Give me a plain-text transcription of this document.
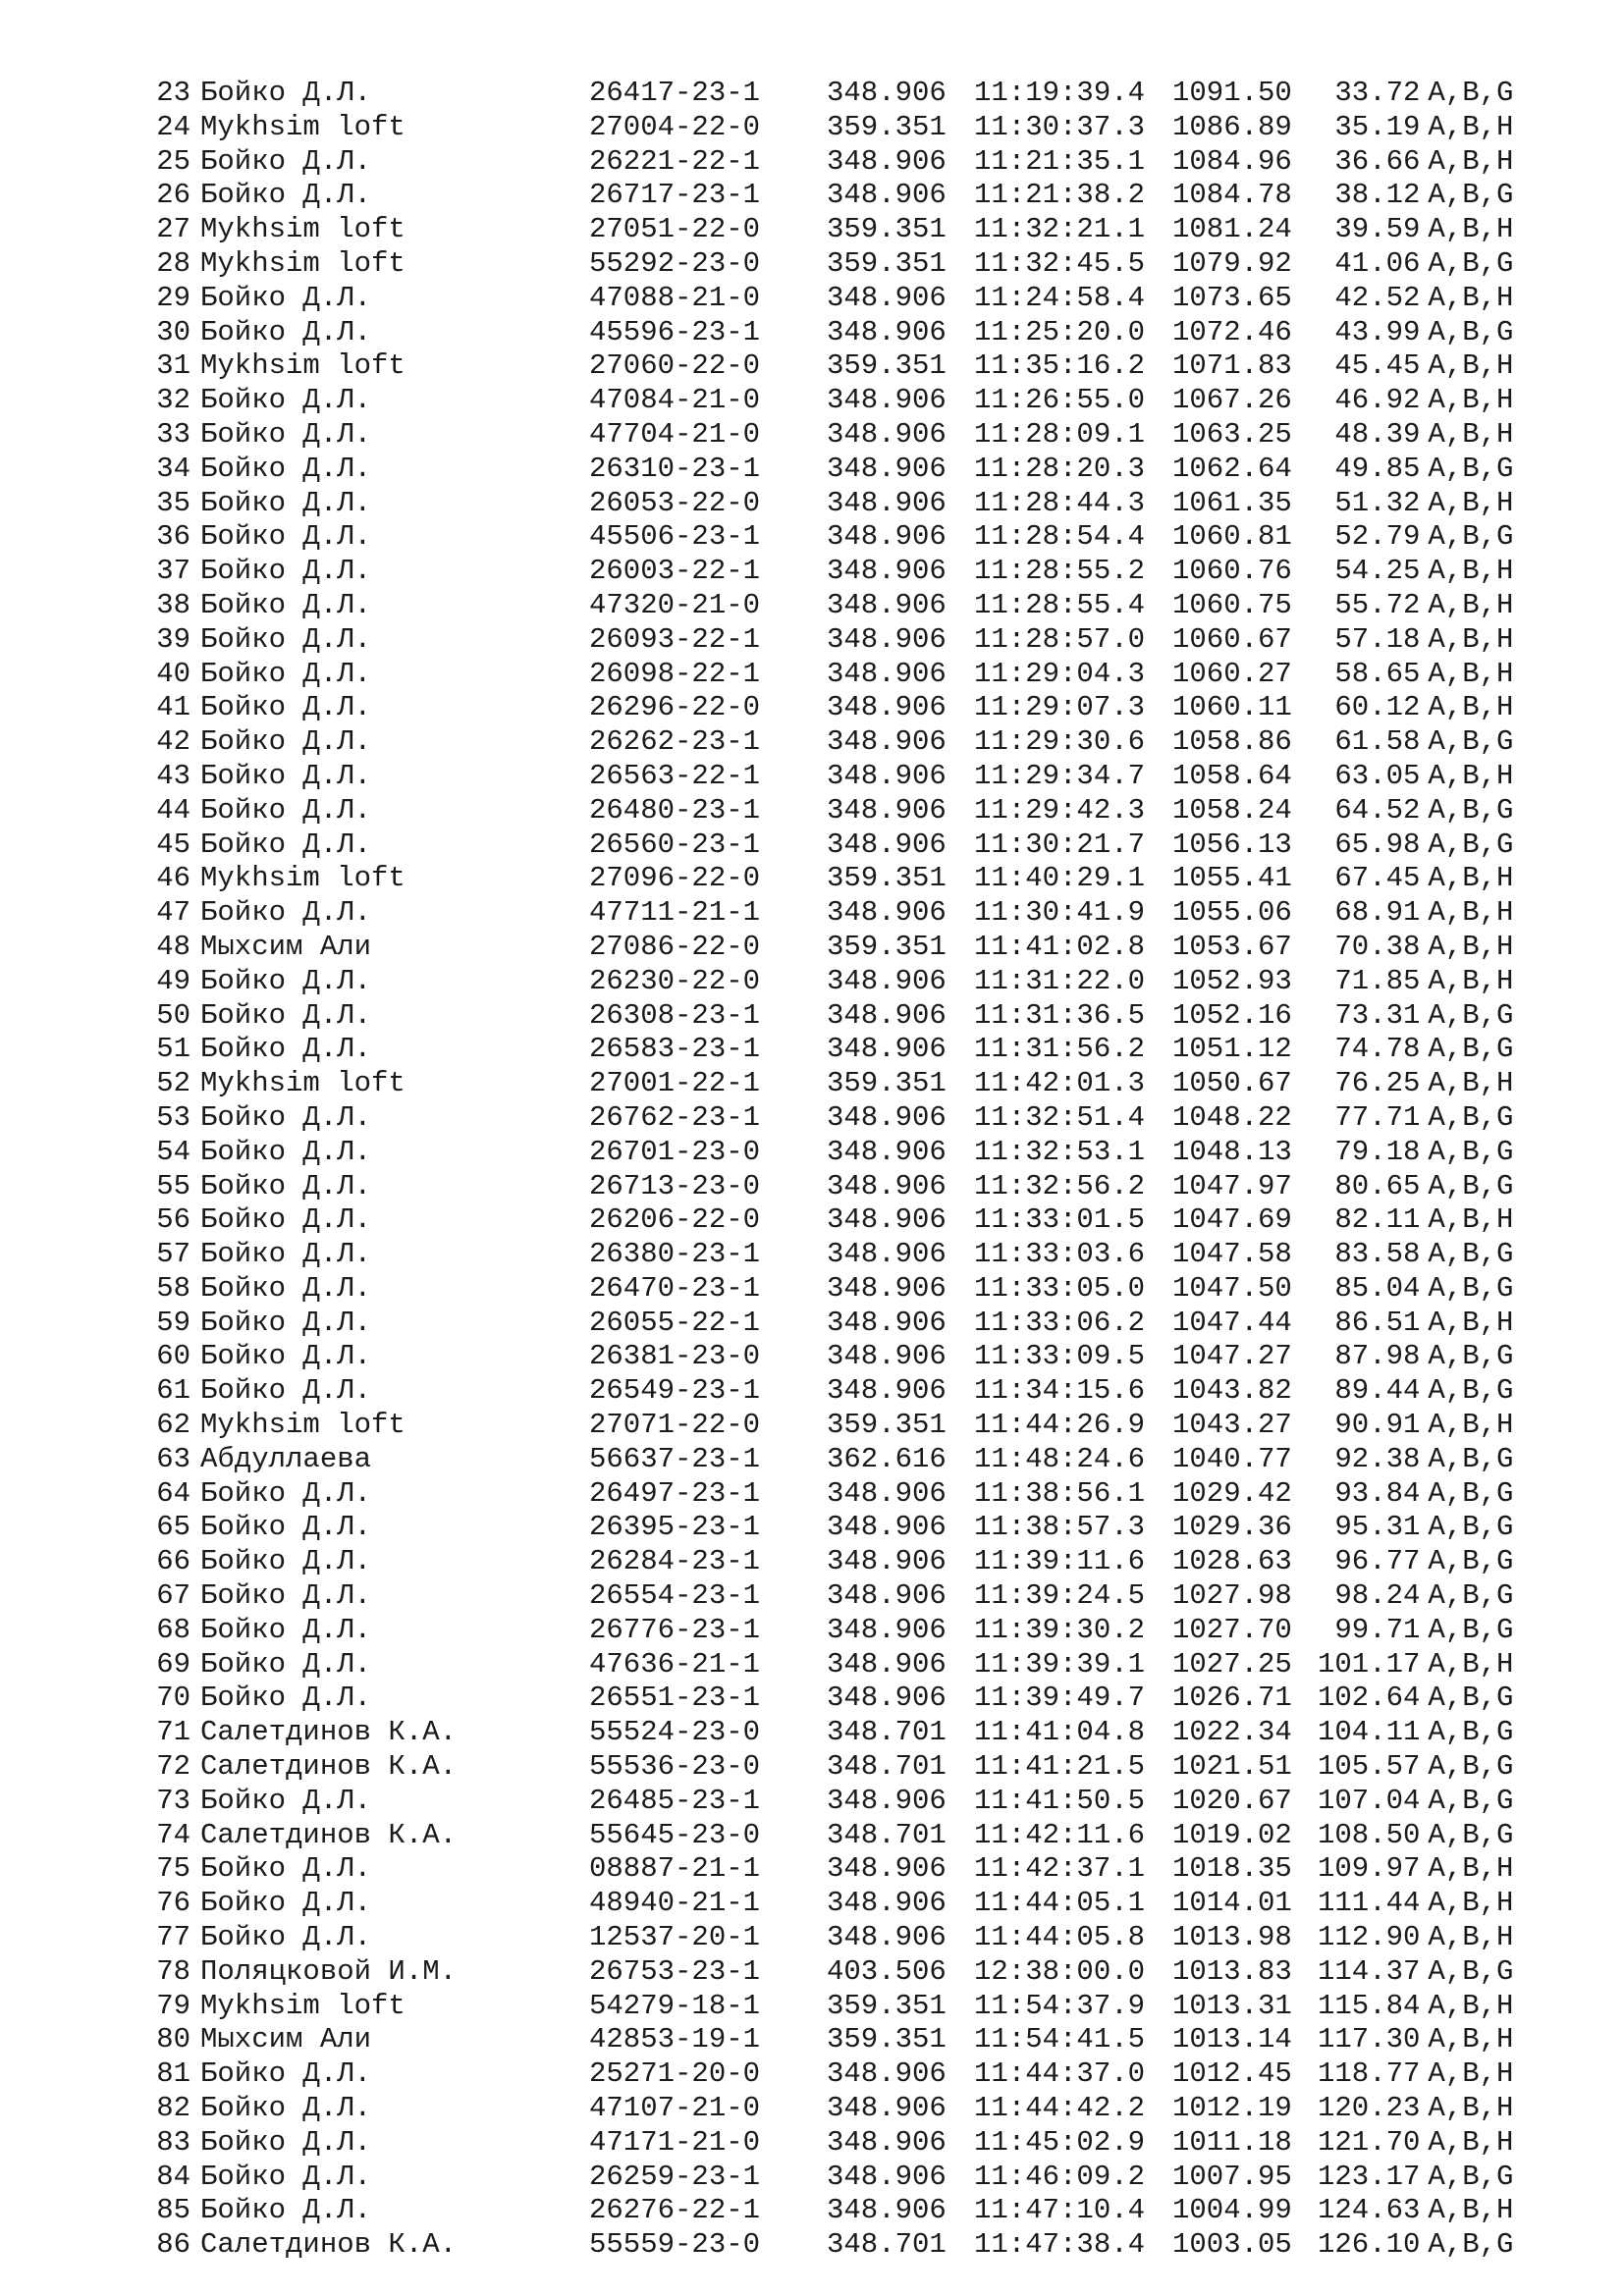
23	Бойко Д.Л.	26417-23-1	348.906	11:19:39.4	1091.50	33.72	A,B,G
24	Mykhsim loft	27004-22-0	359.351	11:30:37.3	1086.89	35.19	A,B,H
25	Бойко Д.Л.	26221-22-1	348.906	11:21:35.1	1084.96	36.66	A,B,H
26	Бойко Д.Л.	26717-23-1	348.906	11:21:38.2	1084.78	38.12	A,B,G
27	Mykhsim loft	27051-22-0	359.351	11:32:21.1	1081.24	39.59	A,B,H
28	Mykhsim loft	55292-23-0	359.351	11:32:45.5	1079.92	41.06	A,B,G
29	Бойко Д.Л.	47088-21-0	348.906	11:24:58.4	1073.65	42.52	A,B,H
30	Бойко Д.Л.	45596-23-1	348.906	11:25:20.0	1072.46	43.99	A,B,G
31	Mykhsim loft	27060-22-0	359.351	11:35:16.2	1071.83	45.45	A,B,H
32	Бойко Д.Л.	47084-21-0	348.906	11:26:55.0	1067.26	46.92	A,B,H
33	Бойко Д.Л.	47704-21-0	348.906	11:28:09.1	1063.25	48.39	A,B,H
34	Бойко Д.Л.	26310-23-1	348.906	11:28:20.3	1062.64	49.85	A,B,G
35	Бойко Д.Л.	26053-22-0	348.906	11:28:44.3	1061.35	51.32	A,B,H
36	Бойко Д.Л.	45506-23-1	348.906	11:28:54.4	1060.81	52.79	A,B,G
37	Бойко Д.Л.	26003-22-1	348.906	11:28:55.2	1060.76	54.25	A,B,H
38	Бойко Д.Л.	47320-21-0	348.906	11:28:55.4	1060.75	55.72	A,B,H
39	Бойко Д.Л.	26093-22-1	348.906	11:28:57.0	1060.67	57.18	A,B,H
40	Бойко Д.Л.	26098-22-1	348.906	11:29:04.3	1060.27	58.65	A,B,H
41	Бойко Д.Л.	26296-22-0	348.906	11:29:07.3	1060.11	60.12	A,B,H
42	Бойко Д.Л.	26262-23-1	348.906	11:29:30.6	1058.86	61.58	A,B,G
43	Бойко Д.Л.	26563-22-1	348.906	11:29:34.7	1058.64	63.05	A,B,H
44	Бойко Д.Л.	26480-23-1	348.906	11:29:42.3	1058.24	64.52	A,B,G
45	Бойко Д.Л.	26560-23-1	348.906	11:30:21.7	1056.13	65.98	A,B,G
46	Mykhsim loft	27096-22-0	359.351	11:40:29.1	1055.41	67.45	A,B,H
47	Бойко Д.Л.	47711-21-1	348.906	11:30:41.9	1055.06	68.91	A,B,H
48	Мыхсим Али	27086-22-0	359.351	11:41:02.8	1053.67	70.38	A,B,H
49	Бойко Д.Л.	26230-22-0	348.906	11:31:22.0	1052.93	71.85	A,B,H
50	Бойко Д.Л.	26308-23-1	348.906	11:31:36.5	1052.16	73.31	A,B,G
51	Бойко Д.Л.	26583-23-1	348.906	11:31:56.2	1051.12	74.78	A,B,G
52	Mykhsim loft	27001-22-1	359.351	11:42:01.3	1050.67	76.25	A,B,H
53	Бойко Д.Л.	26762-23-1	348.906	11:32:51.4	1048.22	77.71	A,B,G
54	Бойко Д.Л.	26701-23-0	348.906	11:32:53.1	1048.13	79.18	A,B,G
55	Бойко Д.Л.	26713-23-0	348.906	11:32:56.2	1047.97	80.65	A,B,G
56	Бойко Д.Л.	26206-22-0	348.906	11:33:01.5	1047.69	82.11	A,B,H
57	Бойко Д.Л.	26380-23-1	348.906	11:33:03.6	1047.58	83.58	A,B,G
58	Бойко Д.Л.	26470-23-1	348.906	11:33:05.0	1047.50	85.04	A,B,G
59	Бойко Д.Л.	26055-22-1	348.906	11:33:06.2	1047.44	86.51	A,B,H
60	Бойко Д.Л.	26381-23-0	348.906	11:33:09.5	1047.27	87.98	A,B,G
61	Бойко Д.Л.	26549-23-1	348.906	11:34:15.6	1043.82	89.44	A,B,G
62	Mykhsim loft	27071-22-0	359.351	11:44:26.9	1043.27	90.91	A,B,H
63	Абдуллаева	56637-23-1	362.616	11:48:24.6	1040.77	92.38	A,B,G
64	Бойко Д.Л.	26497-23-1	348.906	11:38:56.1	1029.42	93.84	A,B,G
65	Бойко Д.Л.	26395-23-1	348.906	11:38:57.3	1029.36	95.31	A,B,G
66	Бойко Д.Л.	26284-23-1	348.906	11:39:11.6	1028.63	96.77	A,B,G
67	Бойко Д.Л.	26554-23-1	348.906	11:39:24.5	1027.98	98.24	A,B,G
68	Бойко Д.Л.	26776-23-1	348.906	11:39:30.2	1027.70	99.71	A,B,G
69	Бойко Д.Л.	47636-21-1	348.906	11:39:39.1	1027.25	101.17	A,B,H
70	Бойко Д.Л.	26551-23-1	348.906	11:39:49.7	1026.71	102.64	A,B,G
71	Салетдинов К.А.	55524-23-0	348.701	11:41:04.8	1022.34	104.11	A,B,G
72	Салетдинов К.А.	55536-23-0	348.701	11:41:21.5	1021.51	105.57	A,B,G
73	Бойко Д.Л.	26485-23-1	348.906	11:41:50.5	1020.67	107.04	A,B,G
74	Салетдинов К.А.	55645-23-0	348.701	11:42:11.6	1019.02	108.50	A,B,G
75	Бойко Д.Л.	08887-21-1	348.906	11:42:37.1	1018.35	109.97	A,B,H
76	Бойко Д.Л.	48940-21-1	348.906	11:44:05.1	1014.01	111.44	A,B,H
77	Бойко Д.Л.	12537-20-1	348.906	11:44:05.8	1013.98	112.90	A,B,H
78	Поляцковой И.М.	26753-23-1	403.506	12:38:00.0	1013.83	114.37	A,B,G
79	Mykhsim loft	54279-18-1	359.351	11:54:37.9	1013.31	115.84	A,B,H
80	Мыхсим Али	42853-19-1	359.351	11:54:41.5	1013.14	117.30	A,B,H
81	Бойко Д.Л.	25271-20-0	348.906	11:44:37.0	1012.45	118.77	A,B,H
82	Бойко Д.Л.	47107-21-0	348.906	11:44:42.2	1012.19	120.23	A,B,H
83	Бойко Д.Л.	47171-21-0	348.906	11:45:02.9	1011.18	121.70	A,B,H
84	Бойко Д.Л.	26259-23-1	348.906	11:46:09.2	1007.95	123.17	A,B,G
85	Бойко Д.Л.	26276-22-1	348.906	11:47:10.4	1004.99	124.63	A,B,H
86	Салетдинов К.А.	55559-23-0	348.701	11:47:38.4	1003.05	126.10	A,B,G
